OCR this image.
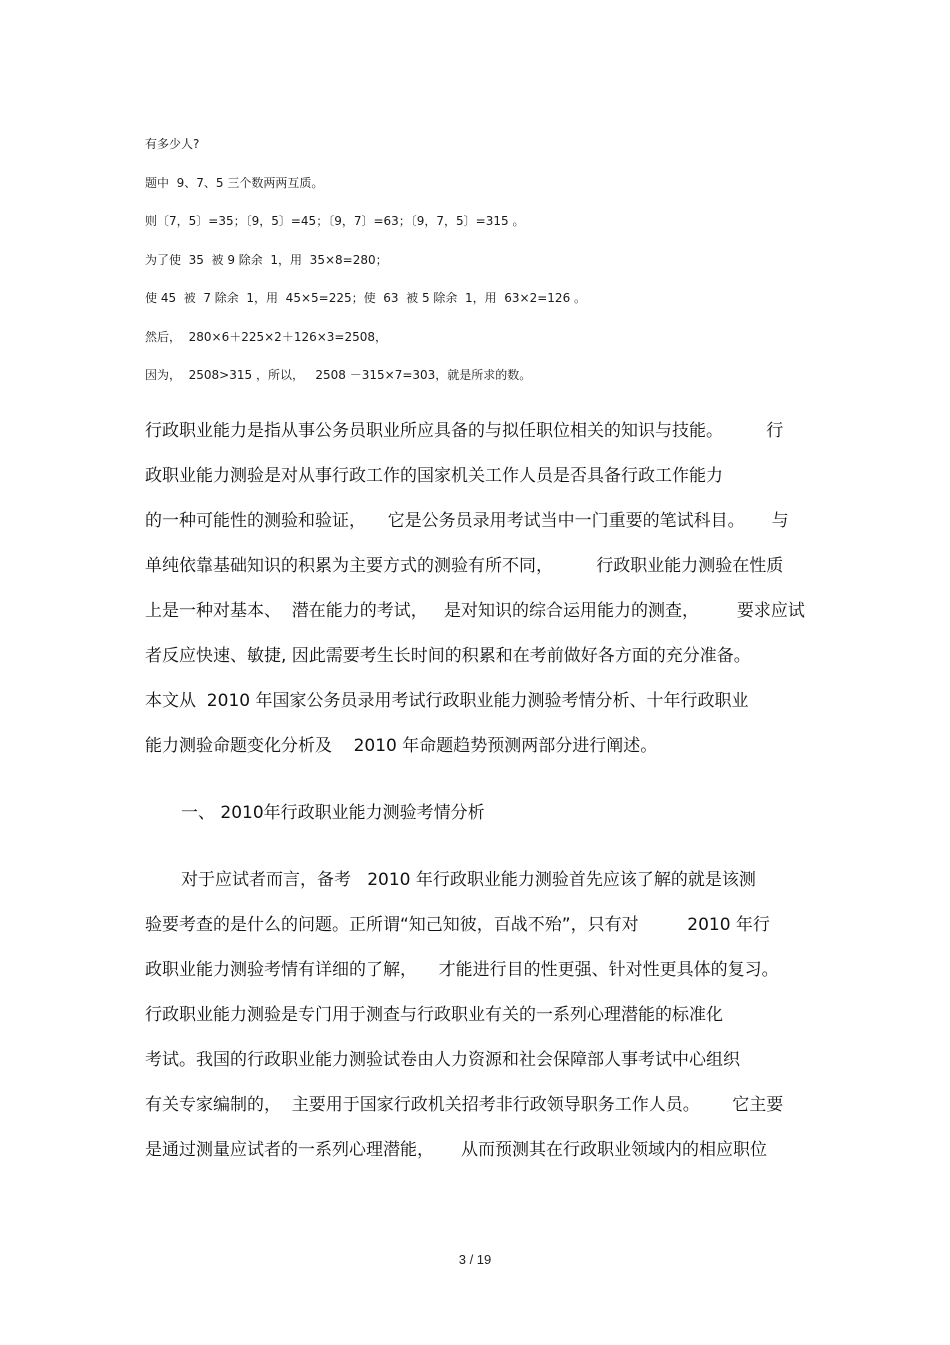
有多少人?
题中  9、7、5 三个数两两互质。
则〔7，5〕=35；〔9，5〕=45；〔9，7〕=63；〔9，7，5〕=315 。
为了使  35  被 9 除余  1，用  35×8=280；
使 45  被  7 除余  1，用  45×5=225；使  63  被 5 除余  1，用  63×2=126 。
然后，  280×6＋225×2＋126×3=2508，
因为，  2508>315 ，所以，   2508 －315×7=303，就是所求的数。
行政职业能力是指从事公务员职业所应具备的与拟任职位相关的知识与技能。        行
政职业能力测验是对从事行政工作的国家机关工作人员是否具备行政工作能力
的一种可能性的测验和验证，    它是公务员录用考试当中一门重要的笔试科目。     与
单纯依靠基础知识的积累为主要方式的测验有所不同，        行政职业能力测验在性质
上是一种对基本、  潜在能力的考试，   是对知识的综合运用能力的测查，       要求应试
者反应快速、敏捷, 因此需要考生长时间的积累和在考前做好各方面的充分准备。
本文从  2010 年国家公务员录用考试行政职业能力测验考情分析、十年行政职业
能力测验命题变化分析及    2010 年命题趋势预测两部分进行阐述。
一、 2010年行政职业能力测验考情分析
对于应试者而言，备考   2010 年行政职业能力测验首先应该了解的就是该测
验要考查的是什么的问题。正所谓“知己知彼，百战不殆”，只有对         2010 年行
政职业能力测验考情有详细的了解，    才能进行目的性更强、针对性更具体的复习。
行政职业能力测验是专门用于测查与行政职业有关的一系列心理潜能的标准化
考试。我国的行政职业能力测验试卷由人力资源和社会保障部人事考试中心组织
有关专家编制的，  主要用于国家行政机关招考非行政领导职务工作人员。      它主要
是通过测量应试者的一系列心理潜能，     从而预测其在行政职业领域内的相应职位
3 / 19
